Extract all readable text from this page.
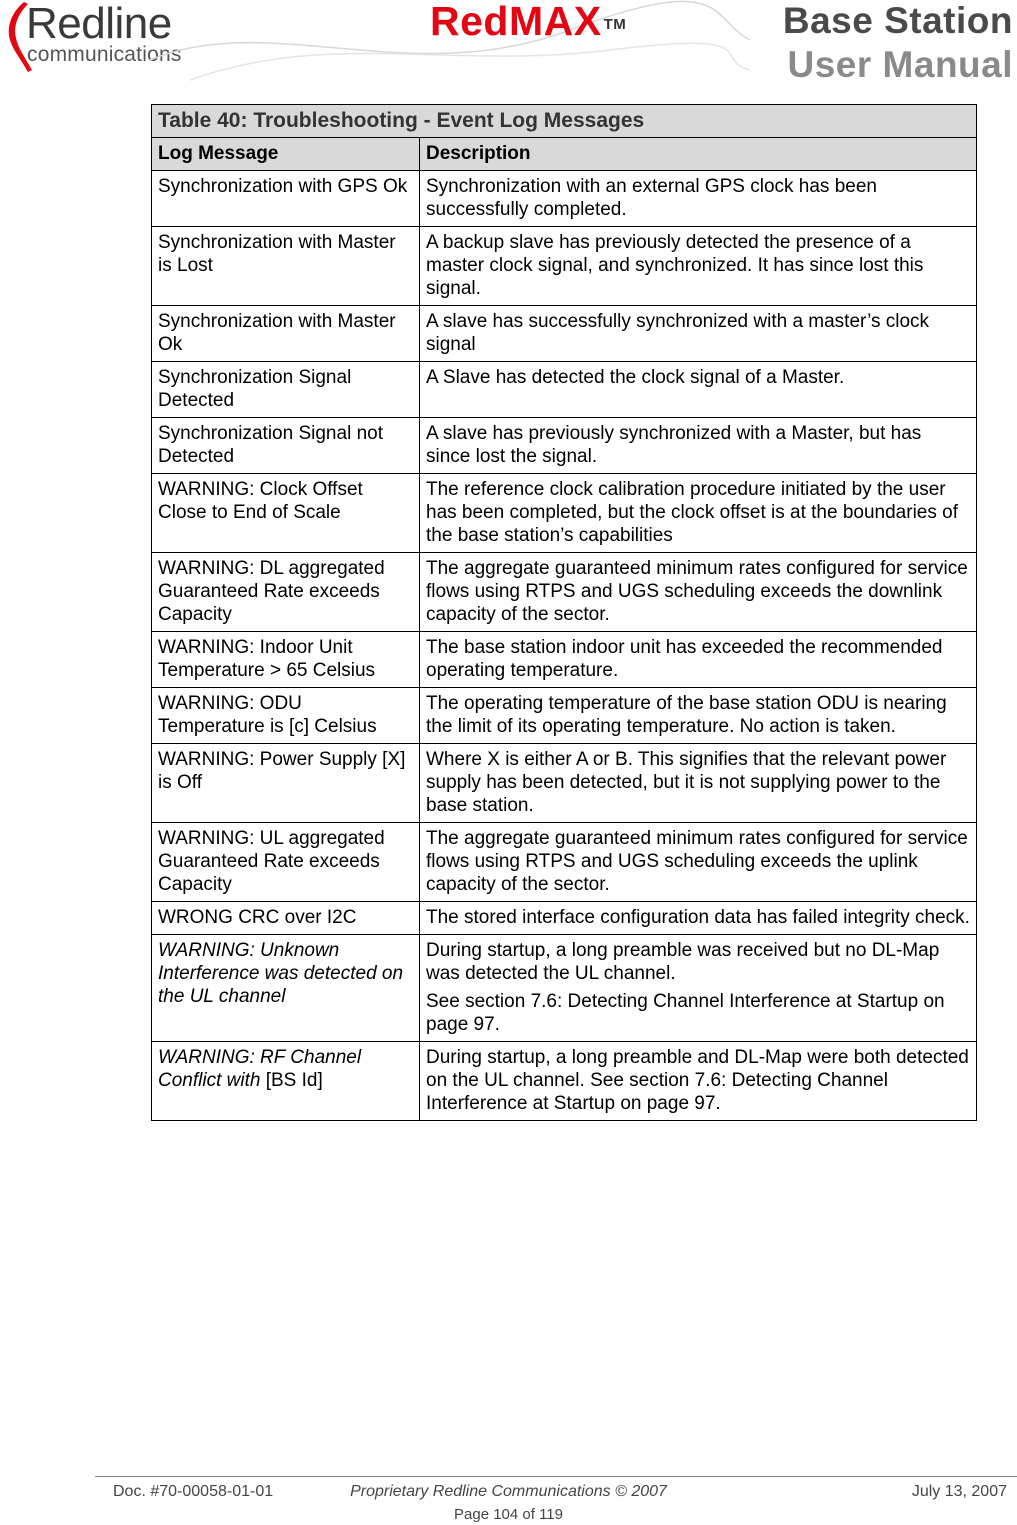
Redline
communications
RedMAX ™	Base Station
User Manual
Table 40: Troubleshooting - Event Log Messages	
Log Message	Description
Synchronization with GPS Ok	Synchronization with an external GPS clock has been successfully completed.
Synchronization with Master is Lost	A backup slave has previously detected the presence of a master clock signal, and synchronized. It has since lost this signal.
Synchronization with Master Ok	A slave has successfully synchronized with a master’s clock signal
Synchronization Signal Detected	A Slave has detected the clock signal of a Master.
Synchronization Signal not Detected	A slave has previously synchronized with a Master, but has since lost the signal.
WARNING: Clock Offset Close to End of Scale	The reference clock calibration procedure initiated by the user has been completed, but the clock offset is at the boundaries of the base station’s capabilities
WARNING: DL aggregated Guaranteed Rate exceeds Capacity	The aggregate guaranteed minimum rates configured for service flows using RTPS and UGS scheduling exceeds the downlink capacity of the sector.
WARNING: Indoor Unit Temperature > 65 Celsius	The base station indoor unit has exceeded the recommended operating temperature.
WARNING: ODU Temperature is [c] Celsius	The operating temperature of the base station ODU is nearing the limit of its operating temperature. No action is taken.
WARNING: Power Supply [X] is Off	Where X is either A or B. This signifies that the relevant power supply has been detected, but it is not supplying power to the base station.
WARNING: UL aggregated Guaranteed Rate exceeds Capacity	The aggregate guaranteed minimum rates configured for service flows using RTPS and UGS scheduling exceeds the uplink capacity of the sector.
WRONG CRC over I2C	The stored interface configuration data has failed integrity check.
WARNING: Unknown Interference was detected on the UL channel	During startup, a long preamble was received but no DL-Map was detected the UL channel.

See section 7.6: Detecting Channel Interference at Startup on page 97.

WARNING: RF Channel Conflict with [BS Id]	During startup, a long preamble and DL-Map were both detected on the UL channel. See section 7.6: Detecting Channel Interference at Startup on page 97.
Doc. #70-00058-01-01	Proprietary Redline Communications © 2007	July 13, 2007
Page 104 of 119
